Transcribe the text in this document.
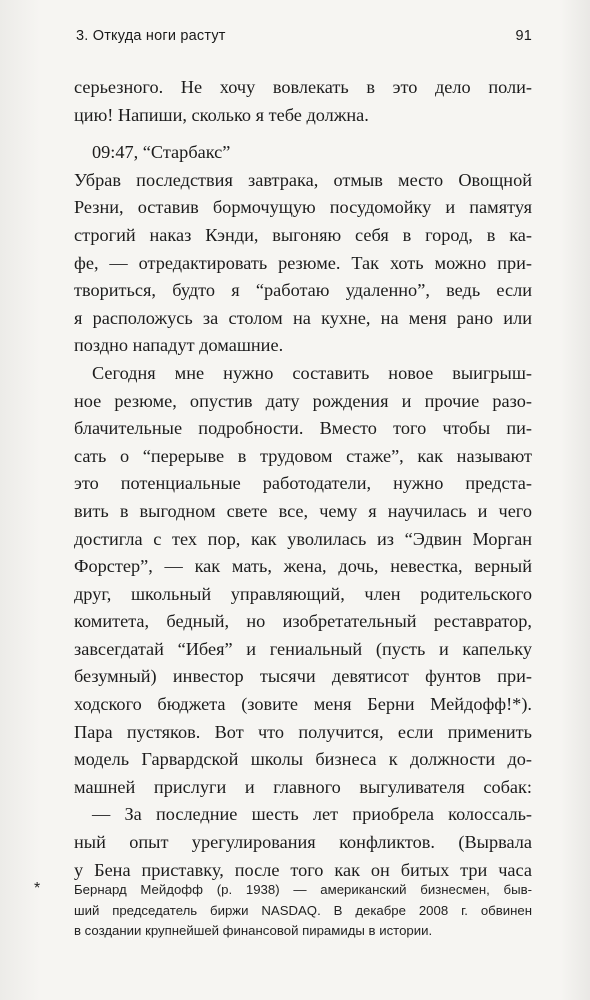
3. Откуда ноги растут	91
серьезного. Не хочу вовлекать в это дело поли-
цию! Напиши, сколько я тебе должна.
09:47, “Старбакс”
Убрав последствия завтрака, отмыв место Овощной
Резни, оставив бормочущую посудомойку и памятуя
строгий наказ Кэнди, выгоняю себя в город, в ка-
фе, — отредактировать резюме. Так хоть можно при-
твориться, будто я “работаю удаленно”, ведь если
я расположусь за столом на кухне, на меня рано или
поздно нападут домашние.
Сегодня мне нужно составить новое выигрыш-
ное резюме, опустив дату рождения и прочие разо-
блачительные подробности. Вместо того чтобы пи-
сать о “перерыве в трудовом стаже”, как называют
это потенциальные работодатели, нужно предста-
вить в выгодном свете все, чему я научилась и чего
достигла с тех пор, как уволилась из “Эдвин Морган
Форстер”, — как мать, жена, дочь, невестка, верный
друг, школьный управляющий, член родительского
комитета, бедный, но изобретательный реставратор,
завсегдатай “Ибея” и гениальный (пусть и капельку
безумный) инвестор тысячи девятисот фунтов при-
ходского бюджета (зовите меня Берни Мейдофф!*).
Пара пустяков. Вот что получится, если применить
модель Гарвардской школы бизнеса к должности до-
машней прислуги и главного выгуливателя собак:
— За последние шесть лет приобрела колоссаль-
ный опыт урегулирования конфликтов. (Вырвала
у Бена приставку, после того как он битых три часа
*	Бернард Мейдофф (р. 1938) — американский бизнесмен, быв-
ший председатель биржи NASDAQ. В декабре 2008 г. обвинен
в создании крупнейшей финансовой пирамиды в истории.
